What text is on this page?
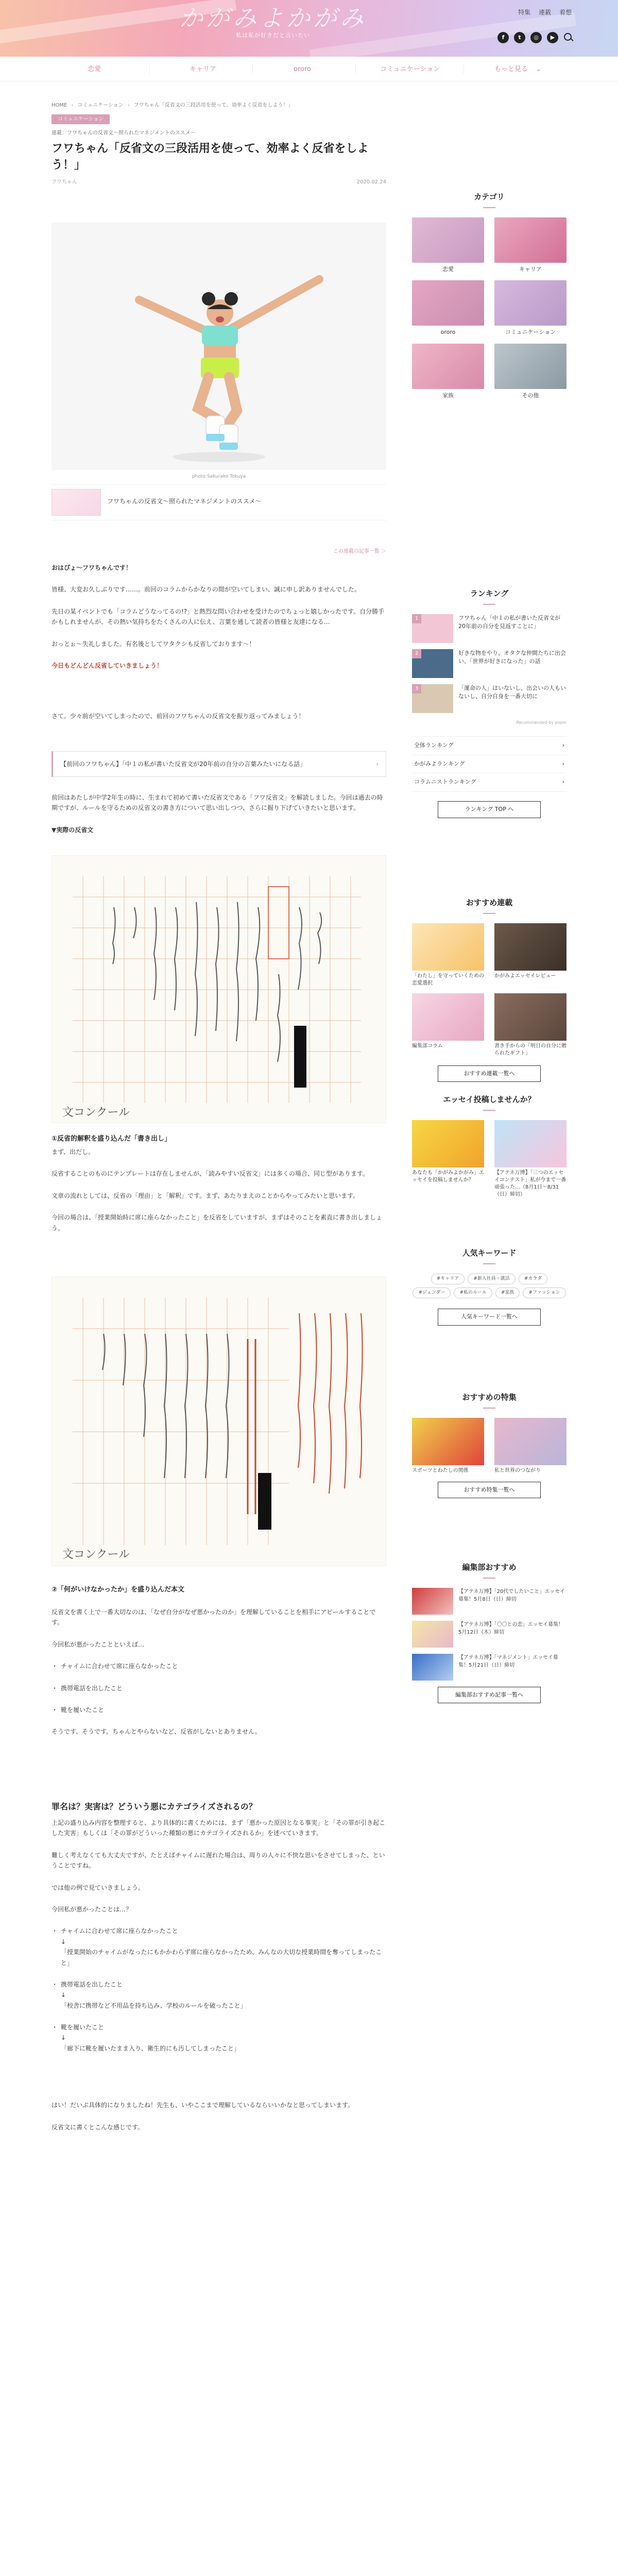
かがみよかがみ
私は私が好きだと言いたい
特集 連載 着想
f	t	◎	▶
恋愛	キャリア	ororo	コミュニケーション	もっと見る ⌄
HOME › コミュニケーション › フワちゃん「反省文の三段活用を使って、効率よく反省をしよう！」
コミュニケーション
連載：フワちゃんの反省文〜照られたマネジメントのススメ〜
フワちゃん「反省文の三段活用を使って、効率よく反省をしよう！」
フワちゃん	2020.02.24
photo:Sakurako Tokuya
フワちゃんの反省文〜照られたマネジメントのススメ〜
この連載の記事一覧 ＞

おはぴょ〜フワちゃんです！

皆様、大変お久しぶりです……。前回のコラムからかなりの間が空いてしまい、誠に申し訳ありませんでした。

先日の某イベントでも「コラムどうなってるの!?」と熱烈な問い合わせを受けたのでちょっと嬉しかったです。自分勝手かもしれませんが、その熱い気持ちをたくさんの人に伝え、言葉を通して読者の皆様と友達になる…

おっとぉ〜失礼しました。有名後としてワタクシも反省しております〜！

今日もどんどん反省していきましょう！

さて。少々前が空いてしまったので、前回のフワちゃんの反省文を振り返ってみましょう！

【前回のフワちゃん】「中１の私が書いた反省文が20年前の自分の言葉みたいになる話」	›

前回はあたしが中学2年生の時に、生まれて初めて書いた反省文である「フワ反省文」を解読しました。今回は過去の時期ですが、ルールを守るための反省文の書き方について思い出しつつ、さらに掘り下げていきたいと思います。

▼実際の反省文

文コンクール

①反省的解釈を盛り込んだ「書き出し」

まず、出だし。

反省することのものにテンプレートは存在しませんが、「読みやすい反省文」には多くの場合、同じ型があります。

文章の流れとしては、反省の「理由」と「解釈」です。まず、あたりまえのことからやってみたいと思います。

今回の場合は、「授業開始時に席に座らなかったこと」を反省をしていますが、まずはそのことを素直に書き出しましょう。

文コンクール

②「何がいけなかったか」を盛り込んだ本文

反省文を書く上で一番大切なのは、「なぜ自分がなぜ悪かったのか」を理解していることを相手にアピールすることです。

今回私が悪かったことといえば…

・ チャイムに合わせて席に座らなかったこと
・ 携帯電話を出したこと
・ 靴を履いたこと

そうです、そうです。ちゃんとやらないなど、反省がしないとありません。

罪名は？実害は？どういう悪にカテゴライズされるの？

上記の盛り込み内容を整理すると、より具体的に書くためには、まず「悪かった原因となる事実」と「その罪が引き起こした実害」もしくは「その罪がどういった種類の悪にカテゴライズされるか」を述べていきます。

難しく考えなくても大丈夫ですが、たとえばチャイムに遅れた場合は、周りの人々に不快な思いをさせてしまった、ということですね。

では他の例で見ていきましょう。

今回私が悪かったことは…？

・ チャイムに合わせて席に座らなかったこと
↓
「授業開始のチャイムがなったにもかかわらず席に座らなかったため、みんなの大切な授業時間を奪ってしまったこと」
・ 携帯電話を出したこと
↓
「校舎に携帯など不用品を持ち込み、学校のルールを破ったこと」
・ 靴を履いたこと
↓
「廊下に靴を履いたまま入り、衛生的にも汚してしまったこと」

はい！だいぶ具体的になりましたね！先生も、いやここまで理解しているならいいかなと思ってしまいます。

反省文に書くとこんな感じです。

カテゴリ
恋愛	キャリア
ororo	コミュニケーション
家族	その他
ランキング
1	フワちゃん「中１の私が書いた反省文が20年前の自分を見返すことに」
2	好きな物をやり、オタクな仲間たちに出会い、「世界が好きになった」の話
3	「運命の人」はいないし、出会いの人もいないし、自分自身を一番大切に
Recommended by popIn
全体ランキング	›
かがみよランキング	›
コラムニストランキング	›
ランキング TOP へ
おすすめ連載
「わたし」を守っていくための恋愛選択
かがみよエッセイレビュー
編集部コラム	書き手からの「明日の自分に贈られたギフト」
おすすめ連載一覧へ
エッセイ投稿しませんか？
あなたも「かがみよかがみ」エッセイを投稿しませんか？
【アテネ万博】「三つのエッセイコンテスト」私が今まで一番頑張った…（8月1日〜8/31（日）締切）
人気キーワード
#キャリア	#新入社員・就活	#カラダ
#ジェンダー	#私のルール	#家族	#ファッション
人気キーワード一覧へ
おすすめの特集
スポーツとわたしの関係	私と世界のつながり
おすすめ特集一覧へ
編集部おすすめ
【アテネ万博】「20代でしたいこと」エッセイ募集！5月8日（日）締切
【アテネ万博】「〇〇との恋」エッセイ募集！5月12日（木）締切
【アテネ万博】「マネジメント」エッセイ募集！5月21日（日）締切
編集部おすすめ記事一覧へ
